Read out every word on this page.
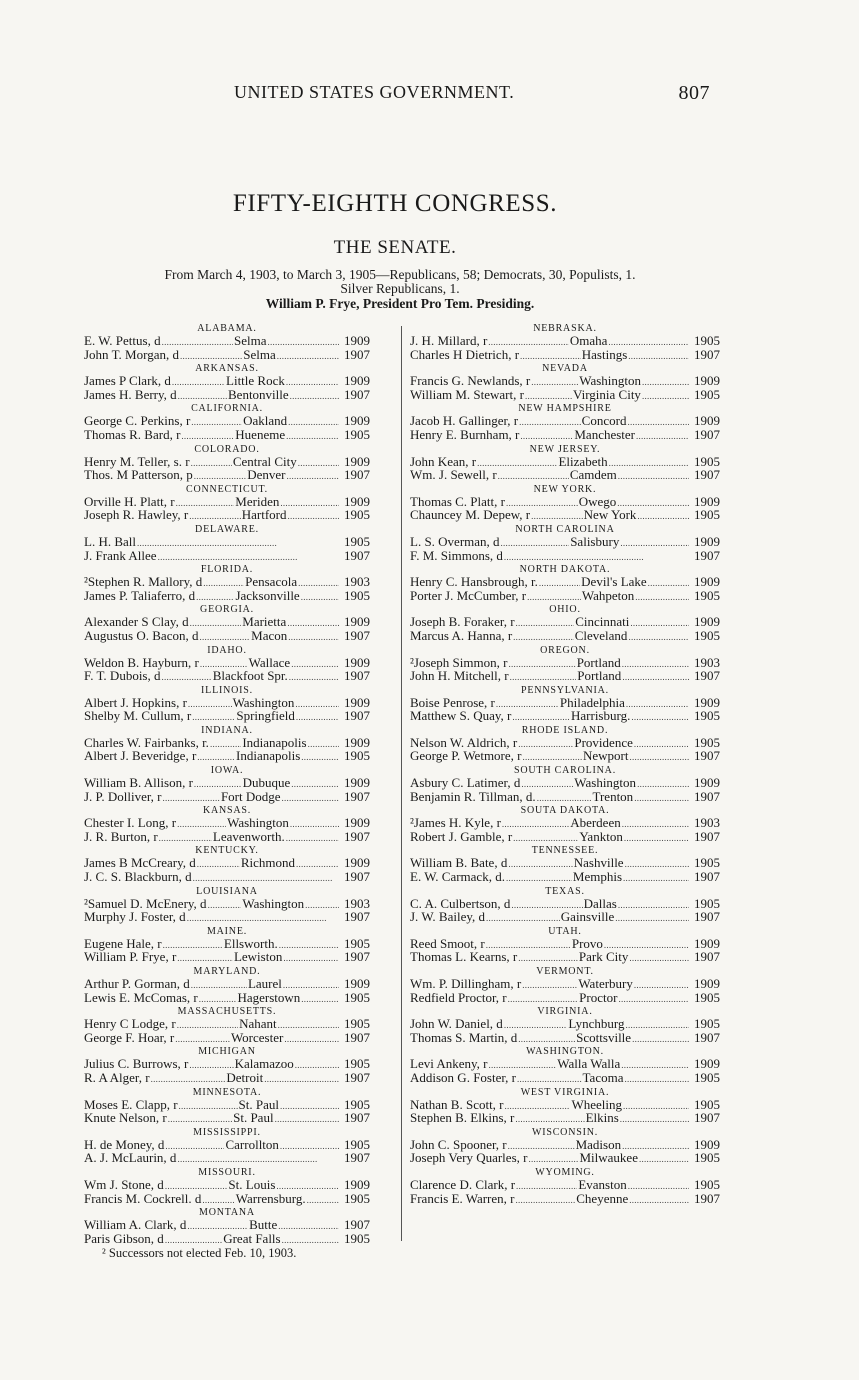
UNITED STATES GOVERNMENT.	807
FIFTY-EIGHTH CONGRESS.
THE SENATE.
From March 4, 1903, to March 3, 1905—Republicans, 58; Democrats, 30, Populists, 1.
Silver Republicans, 1.
William P. Frye, President Pro Tem. Presiding.
ALABAMA.
E. W. Pettus, d . . .	Selma . . .	1909
John T. Morgan, d . . .	Selma . . .	1907
ARKANSAS.
James P Clark, d . . .	Little Rock . . .	1909
James H. Berry, d . . .	Bentonville . . .	1907
CALIFORNIA.
George C. Perkins, r . . .	Oakland . . .	1909
Thomas R. Bard, r . . .	Hueneme . . .	1905
COLORADO.
Henry M. Teller, s. r . . .	Central City . . .	1909
Thos. M Patterson, p . . .	Denver . . .	1907
CONNECTICUT.
Orville H. Platt, r . . .	Meriden . . .	1909
Joseph R. Hawley, r . . .	Hartford . . .	1905
DELAWARE.
L. H. Ball . . .	1905
J. Frank Allee . . .	1907
FLORIDA.
²Stephen R. Mallory, d . . .	Pensacola . . .	1903
James P. Taliaferro, d . . .	Jacksonville . . .	1905
GEORGIA.
Alexander S Clay, d . . .	Marietta . . .	1909
Augustus O. Bacon, d . . .	Macon . . .	1907
IDAHO.
Weldon B. Hayburn, r . . .	Wallace . . .	1909
F. T. Dubois, d . . .	Blackfoot Spr. . . .	1907
ILLINOIS.
Albert J. Hopkins, r . . .	Washington . . .	1909
Shelby M. Cullum, r . . .	Springfield . . .	1907
INDIANA.
Charles W. Fairbanks, r. . . .	Indianapolis . . .	1909
Albert J. Beveridge, r . . .	Indianapolis . . .	1905
IOWA.
William B. Allison, r . . .	Dubuque . . .	1909
J. P. Dolliver, r . . .	Fort Dodge . . .	1907
KANSAS.
Chester I. Long, r . . .	Washington . . .	1909
J. R. Burton, r . . .	Leavenworth. . . .	1907
KENTUCKY.
James B McCreary, d . . .	Richmond . . .	1909
J. C. S. Blackburn, d . . .	1907
LOUISIANA
²Samuel D. McEnery, d . . .	Washington . . .	1903
Murphy J. Foster, d . . .	1907
MAINE.
Eugene Hale, r . . .	Ellsworth. . . .	1905
William P. Frye, r . . .	Lewiston . . .	1907
MARYLAND.
Arthur P. Gorman, d . . .	Laurel . . .	1909
Lewis E. McComas, r . . .	Hagerstown . . .	1905
MASSACHUSETTS.
Henry C Lodge, r . . .	Nahant . . .	1905
George F. Hoar, r . . .	Worcester . . .	1907
MICHIGAN
Julius C. Burrows, r . . .	Kalamazoo . . .	1905
R. A Alger, r . . .	Detroit . . .	1907
MINNESOTA.
Moses E. Clapp, r . . .	St. Paul . . .	1905
Knute Nelson, r . . .	St. Paul . . .	1907
MISSISSIPPI.
H. de Money, d . . .	Carrollton . . .	1905
A. J. McLaurin, d . . .	1907
MISSOURI.
Wm J. Stone, d . . .	St. Louis . . .	1909
Francis M. Cockrell. d . . .	Warrensburg. . . .	1905
MONTANA
William A. Clark, d . . .	Butte . . .	1907
Paris Gibson, d . . .	Great Falls . . .	1905
² Successors not elected Feb. 10, 1903.
NEBRASKA.
J. H. Millard, r . . .	Omaha . . .	1905
Charles H Dietrich, r . . .	Hastings . . .	1907
NEVADA
Francis G. Newlands, r . . .	Washington . . .	1909
William M. Stewart, r . . .	Virginia City . . .	1905
NEW HAMPSHIRE
Jacob H. Gallinger, r . . .	Concord . . .	1909
Henry E. Burnham, r . . .	Manchester . . .	1907
NEW JERSEY.
John Kean, r . . .	Elizabeth . . .	1905
Wm. J. Sewell, r . . .	Camdem . . .	1907
NEW YORK.
Thomas C. Platt, r . . .	Owego . . .	1909
Chauncey M. Depew, r . . .	New York . . .	1905
NORTH CAROLINA
L. S. Overman, d . . .	Salisbury . . .	1909
F. M. Simmons, d . . .	1907
NORTH DAKOTA.
Henry C. Hansbrough, r. . . .	Devil's Lake . . .	1909
Porter J. McCumber, r . . .	Wahpeton . . .	1905
OHIO.
Joseph B. Foraker, r . . .	Cincinnati . . .	1909
Marcus A. Hanna, r . . .	Cleveland . . .	1905
OREGON.
²Joseph Simmon, r . . .	Portland . . .	1903
John H. Mitchell, r . . .	Portland . . .	1907
PENNSYLVANIA.
Boise Penrose, r . . .	Philadelphia . . .	1909
Matthew S. Quay, r . . .	Harrisburg. . . .	1905
RHODE ISLAND.
Nelson W. Aldrich, r . . .	Providence . . .	1905
George P. Wetmore, r . . .	Newport . . .	1907
SOUTH CAROLINA.
Asbury C. Latimer, d . . .	Washington . . .	1909
Benjamin R. Tillman, d. . . .	Trenton . . .	1907
SOUTA DAKOTA.
²James H. Kyle, r . . .	Aberdeen . . .	1903
Robert J. Gamble, r . . .	Yankton . . .	1907
TENNESSEE.
William B. Bate, d . . .	Nashville . . .	1905
E. W. Carmack, d. . . .	Memphis . . .	1907
TEXAS.
C. A. Culbertson, d . . .	Dallas . . .	1905
J. W. Bailey, d . . .	Gainsville . . .	1907
UTAH.
Reed Smoot, r . . .	Provo . . .	1909
Thomas L. Kearns, r . . .	Park City . . .	1907
VERMONT.
Wm. P. Dillingham, r . . .	Waterbury . . .	1909
Redfield Proctor, r . . .	Proctor . . .	1905
VIRGINIA.
John W. Daniel, d . . .	Lynchburg . . .	1905
Thomas S. Martin, d . . .	Scottsville . . .	1907
WASHINGTON.
Levi Ankeny, r . . .	Walla Walla . . .	1909
Addison G. Foster, r . . .	Tacoma . . .	1905
WEST VIRGINIA.
Nathan B. Scott, r . . .	Wheeling . . .	1905
Stephen B. Elkins, r . . .	Elkins . . .	1907
WISCONSIN.
John C. Spooner, r . . .	Madison . . .	1909
Joseph Very Quarles, r . . .	Milwaukee . . .	1905
WYOMING.
Clarence D. Clark, r . . .	Evanston . . .	1905
Francis E. Warren, r . . .	Cheyenne . . .	1907
